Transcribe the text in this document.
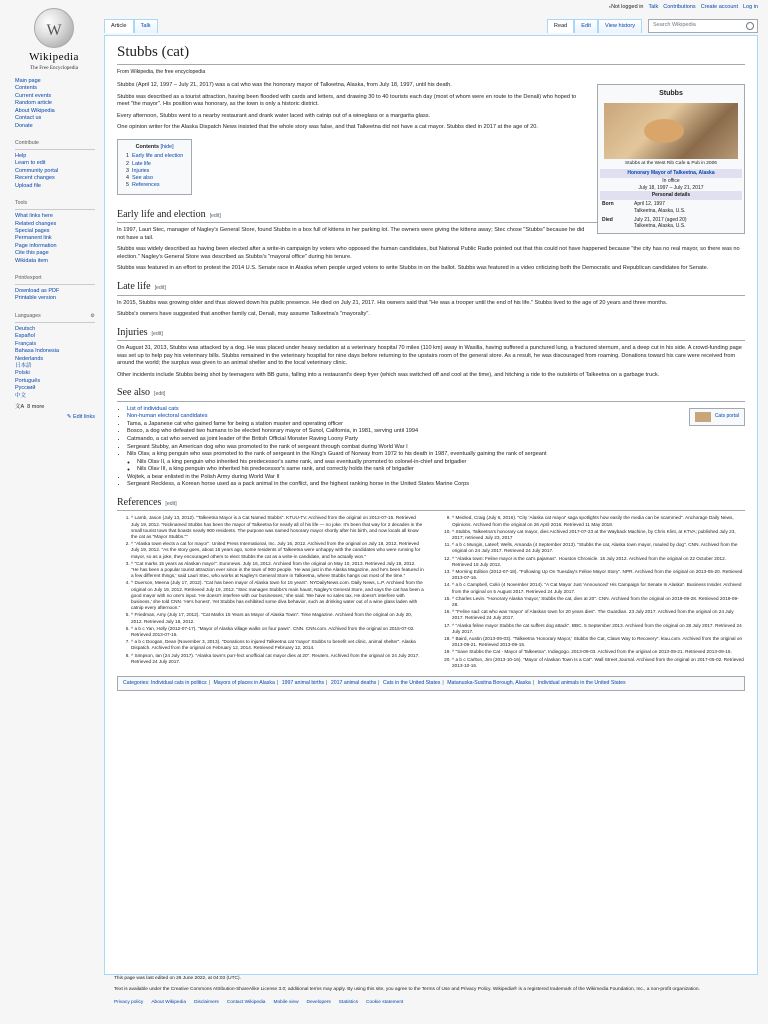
● Not logged in Talk Contributions Create account Log in
W
Wikipedia
The Free Encyclopedia
Main page
Contents
Current events
Random article
About Wikipedia
Contact us
Donate
Contribute
Help
Learn to edit
Community portal
Recent changes
Upload file
Tools
What links here
Related changes
Special pages
Permanent link
Page information
Cite this page
Wikidata item
Print/export
Download as PDF
Printable version
Languages	⚙
Deutsch
Español
Français
Bahasa Indonesia
Nederlands
日本語
Polski
Português
Русский
中文
文A 8 more
✎ Edit links
Article	Talk	Read	Edit	View history	Search Wikipedia
Stubbs (cat)
From Wikipedia, the free encyclopedia
Stubbs
Stubbs at the West Rib Cafe & Pub in 2006
Honorary Mayor of Talkeetna, Alaska
In office
July 18, 1997 – July 21, 2017
Personal details
Born	April 12, 1997
Talkeetna, Alaska, U.S.

Died	July 21, 2017 (aged 20)
Talkeetna, Alaska, U.S.

Stubbs (April 12, 1997 – July 21, 2017) was a cat who was the honorary mayor of Talkeetna, Alaska, from July 18, 1997, until his death.

Stubbs was described as a tourist attraction, having been flooded with cards and letters, and drawing 30 to 40 tourists each day (most of whom were en route to the Denali) who hoped to meet "the mayor". His position was honorary, as the town is only a historic district.

Every afternoon, Stubbs went to a nearby restaurant and drank water laced with catnip out of a wineglass or a margarita glass.

One opinion writer for the Alaska Dispatch News insisted that the whole story was false, and that Talkeetna did not have a cat mayor. Stubbs died in 2017 at the age of 20.

Contents [hide]
1 Early life and election
2 Late life
3 Injuries
4 See also
5 References
Early life and election [edit]

In 1997, Lauri Stec, manager of Nagley's General Store, found Stubbs in a box full of kittens in her parking lot. The owners were giving the kittens away; Stec chose "Stubbs" because he did not have a tail.

Stubbs was widely described as having been elected after a write-in campaign by voters who opposed the human candidates, but National Public Radio pointed out that this could not have happened because "the city has no real mayor, so there was no election." Nagley's General Store was described as Stubbs's "mayoral office" during his tenure.

Stubbs was featured in an effort to protest the 2014 U.S. Senate race in Alaska when people urged voters to write Stubbs in on the ballot. Stubbs was featured in a video criticizing both the Democratic and Republican candidates for Senate.

Late life [edit]

In 2015, Stubbs was growing older and thus slowed down his public presence. He died on July 21, 2017. His owners said that "He was a trooper until the end of his life." Stubbs lived to the age of 20 years and three months.

Stubbs's owners have suggested that another family cat, Denali, may assume Talkeetna's "mayoralty".

Injuries [edit]

On August 31, 2013, Stubbs was attacked by a dog. He was placed under heavy sedation at a veterinary hospital 70 miles (110 km) away in Wasilla, having suffered a punctured lung, a fractured sternum, and a deep cut in his side. A crowd-funding page was set up to help pay his veterinary bills. Stubbs remained in the veterinary hospital for nine days before returning to the upstairs room of the general store. As a result, he was discouraged from roaming. Donations toward his care were received from around the world; the surplus was given to an animal shelter and to the local veterinary clinic.

Other incidents include Stubbs being shot by teenagers with BB guns, falling into a restaurant's deep fryer (which was switched off and cool at the time), and hitching a ride to the outskirts of Talkeetna on a garbage truck.

See also [edit]
Cats portal
• List of individual cats
• Non-human electoral candidates
• Tama, a Japanese cat who gained fame for being a station master and operating officer
• Bosco, a dog who defeated two humans to be elected honorary mayor of Sunol, California, in 1981, serving until 1994
• Catmando, a cat who served as joint leader of the British Official Monster Raving Loony Party
• Sergeant Stubby, an American dog who was promoted to the rank of sergeant through combat during World War I
• Nils Olav, a king penguin who was promoted to the rank of sergeant in the King's Guard of Norway from 1972 to his death in 1987, eventually gaining the rank of sergeant
◦ Nils Olav II, a king penguin who inherited his predecessor's same rank, and was eventually promoted to colonel-in-chief and brigadier
◦ Nils Olav III, a king penguin who inherited his predecessor's same rank, and correctly holds the rank of brigadier
• Wojtek, a bear enlisted in the Polish Army during World War II
• Sergeant Reckless, a Korean horse used as a pack animal in the conflict, and the highest ranking horse in the United States Marine Corps
References [edit]
1. ^ Lamb, Jason (July 13, 2012). "Talkeetna Mayor is a Cat Named Stubbs". KTUU-TV. Archived from the original on 2012-07-15. Retrieved July 19, 2012. "Nicknamed Stubbs has been the mayor of Talkeetna for nearly all of his life — no joke. It's been that way for 2 decades in the small tourist town that boasts nearly 900 residents. The purpose was named honorary mayor shortly after his birth, and now locals all know the cat as "Mayor Stubbs.""
2. ^ "Alaska town elects a cat for mayor". United Press International, Inc. July 16, 2012. Archived from the original on July 18, 2012. Retrieved July 19, 2012. "As the story goes, about 15 years ago, some residents of Talkeetna were unhappy with the candidates who were running for mayor, so as a joke, they encouraged others to elect Stubbs the cat as a write-in candidate, and he actually won."
3. ^ "Cat marks 15 years as Alaskan mayor". Euronews. July 16, 2012. Archived from the original on May 10, 2013. Retrieved July 19, 2012. "He has been a popular tourist attraction ever since in the town of 900 people. 'He was just in the Alaska Magazine, and he's been featured in a few different things,' said Lauri Stec, who works at Nagley's General Store in Talkeetna, where Stubbs hangs out most of the time."
4. ^ Duerson, Meena (July 17, 2012). "Cat has been mayor of Alaska town for 15 years". NYDailyNews.com. Daily News, L.P. Archived from the original on July 19, 2012. Retrieved July 19, 2012. "Stec manages Stubbs's main haunt, Nagley's General Store, and says the cat has been a good mayor with no one's input. 'He doesn't interfere with our businesses,' she said. 'We have no sales tax. He doesn't interfere with business,' she told CNN. 'He's honest'. Yet Stubbs has exhibited some diva behavior, such as drinking water out of a wine glass laden with catnip every afternoon."
5. ^ Friedman, Amy (July 17, 2012). "Cat Marks 15 Years as Mayor of Alaska Town". Time Magazine. Archived from the original on July 20, 2012. Retrieved July 18, 2012.
6. ^ a b c Yan, Holly (2012-07-17). "Mayor of Alaska village walks on four paws". CNN. CNN.com. Archived from the original on 2015-07-02. Retrieved 2013-07-16.
7. ^ a b c Doogan, Dean (November 3, 2013). "Donations to injured Talkeetna cat 'mayor' Stubbs to benefit vet clinic, animal shelter". Alaska Dispatch. Archived from the original on February 12, 2014. Retrieved February 12, 2014.
8. ^ Simpson, Ian (24 July 2017). "Alaska town's purr-fect unofficial cat mayor dies at 20". Reuters. Archived from the original on 24 July 2017. Retrieved 24 July 2017.
9. ^ Medred, Craig (July 6, 2016). "City 'Alaska cat mayor' saga spotlights how easily the media can be scammed". Anchorage Daily News, Opinions. Archived from the original on 26 April 2016. Retrieved 11 May 2018.
10. ^ Stubbs, Talkeetna's honorary cat mayor, dies Archived 2017-07-23 at the Wayback Machine, by Chris Klint, at KTVA; published July 23, 2017; retrieved July 23, 2017
11. ^ a b c Mungin, Lateef; Wells, Amanda (4 September 2013). "Stubbs the cat, Alaska town mayor, mauled by dog". CNN. Archived from the original on 24 July 2017. Retrieved 24 July 2017.
12. ^ "Alaska town: Feline mayor is the cat's pajamas". Houston Chronicle. 15 July 2012. Archived from the original on 22 October 2012. Retrieved 15 July 2012.
13. ^ Morning Edition (2012-07-18). "Following Up On Tuesday's Feline Mayor Story". NPR. Archived from the original on 2013-05-20. Retrieved 2013-07-16.
14. ^ a b c Campbell, Colin (4 November 2014). "A Cat Mayor Just 'Announced' His Campaign for Senate In Alaska". Business Insider. Archived from the original on 5 August 2017. Retrieved 24 July 2017.
15. ^ Charles Levin. "Honorary Alaska 'mayor,' Stubbs the cat, dies at 20". CNN. Archived from the original on 2019-09-28. Retrieved 2019-09-28.
16. ^ "Feline sad: cat who was 'mayor' of Alaskan town for 20 years dies". The Guardian. 23 July 2017. Archived from the original on 24 July 2017. Retrieved 24 July 2017.
17. ^ "Alaska feline mayor Stubbs the cat suffers dog attack". BBC. 5 September 2013. Archived from the original on 28 July 2017. Retrieved 24 July 2017.
18. ^ Baird, Austin (2013-09-03). "Talkeetna 'Honorary Mayor,' Stubbs the Cat, Claws Way to Recovery". ktuu.com. Archived from the original on 2013-09-21. Retrieved 2013-09-15.
19. ^ "Save Stubbs the Cat - Mayor of Talkeetna". Indiegogo. 2013-09-03. Archived from the original on 2013-09-21. Retrieved 2013-09-15.
20. ^ a b c Carlton, Jim (2013-10-16). "Mayor of Alaskan Town Is a Cat". Wall Street Journal. Archived from the original on 2017-05-02. Retrieved 2013-10-16.
Categories: Individual cats in politics | Mayors of places in Alaska | 1997 animal births | 2017 animal deaths | Cats in the United States | Matanuska-Susitna Borough, Alaska | Individual animals in the United States

This page was last edited on 26 June 2022, at 04:03 (UTC).

Text is available under the Creative Commons Attribution-ShareAlike License 3.0; additional terms may apply. By using this site, you agree to the Terms of Use and Privacy Policy. Wikipedia® is a registered trademark of the Wikimedia Foundation, Inc., a non-profit organization.

Privacy policy About Wikipedia Disclaimers Contact Wikipedia Mobile view Developers Statistics Cookie statement
